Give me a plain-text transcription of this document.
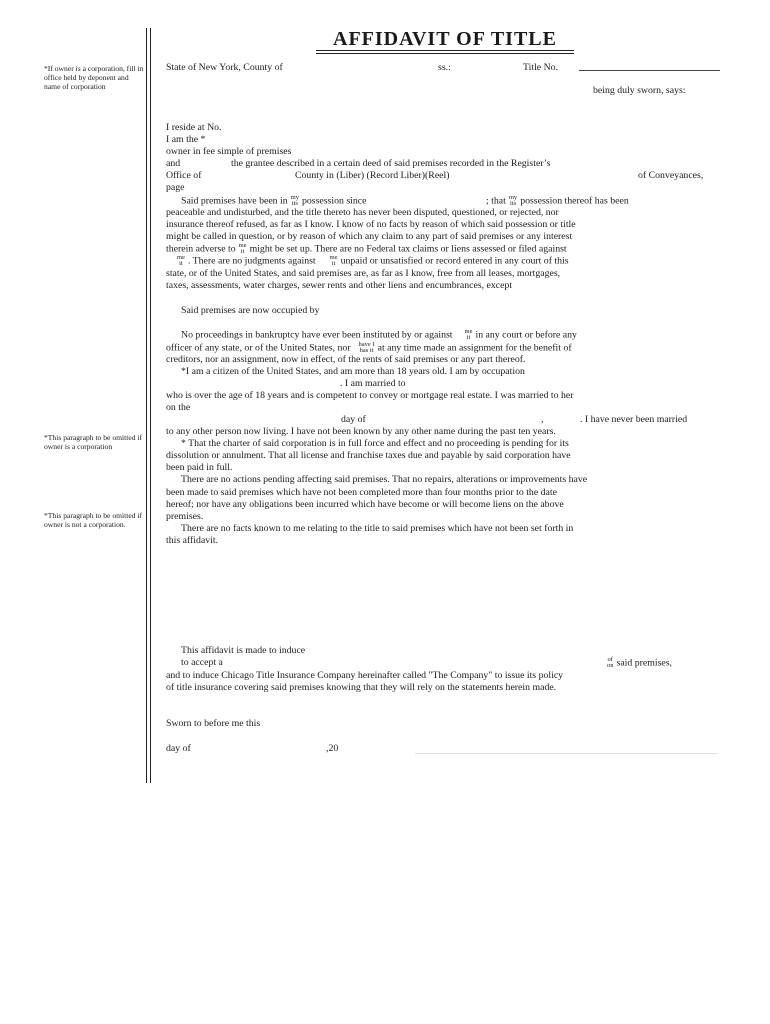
AFFIDAVIT OF TITLE
*If owner is a corporation, fill in office held by deponent and name of corporation
*This paragraph to be omitted if owner is a corporation
*This paragraph to be omitted if owner is not a corporation.
State of New York, County of	ss.:	Title No.
being duly sworn, says:
I reside at No.
I am the *
owner in fee simple of premises
and	the grantee described in a certain deed of said premises recorded in the Register’s
Office of	County in (Liber) (Record Liber)(Reel)	of Conveyances,
page
Said premises have been in my
its possession since	; that my
its possession thereof has been
peaceable and undisturbed, and the title thereto has never been disputed, questioned, or rejected, nor
insurance thereof refused, as far as I know. I know of no facts by reason of which said possession or title
might be called in question, or by reason of which any claim to any part of said premises or any interest
therein adverse to me
it might be set up. There are no Federal tax claims or liens assessed or filed against
me
it . There are no judgments against me
it unpaid or unsatisfied or record entered in any court of this
state, or of the United States, and said premises are, as far as I know, free from all leases, mortgages,
taxes, assessments, water charges, sewer rents and other liens and encumbrances, except
Said premises are now occupied by
No proceedings in bankruptcy have ever been instituted by or against me
it in any court or before any
officer of any state, or of the United States, nor have I
has it at any time made an assignment for the benefit of
creditors, nor an assignment, now in effect, of the rents of said premises or any part thereof.
*I am a citizen of the United States, and am more than 18 years old. I am by occupation
. I am married to
who is over the age of 18 years and is competent to convey or mortgage real estate. I was married to her
on the
day of	,	. I have never been married
to any other person now living. I have not been known by any other name during the past ten years.
* That the charter of said corporation is in full force and effect and no proceeding is pending for its
dissolution or annulment. That all license and franchise taxes due and payable by said corporation have
been paid in full.
There are no actions pending affecting said premises. That no repairs, alterations or improvements have
been made to said premises which have not been completed more than four months prior to the date
hereof; nor have any obligations been incurred which have become or will become liens on the above
premises.
There are no facts known to me relating to the title to said premises which have not been set forth in
this affidavit.
This affidavit is made to induce
to accept a	of
on said premises,
and to induce Chicago Title Insurance Company hereinafter called "The Company" to issue its policy
of title insurance covering said premises knowing that they will rely on the statements herein made.
Sworn to before me this
day of	,20
